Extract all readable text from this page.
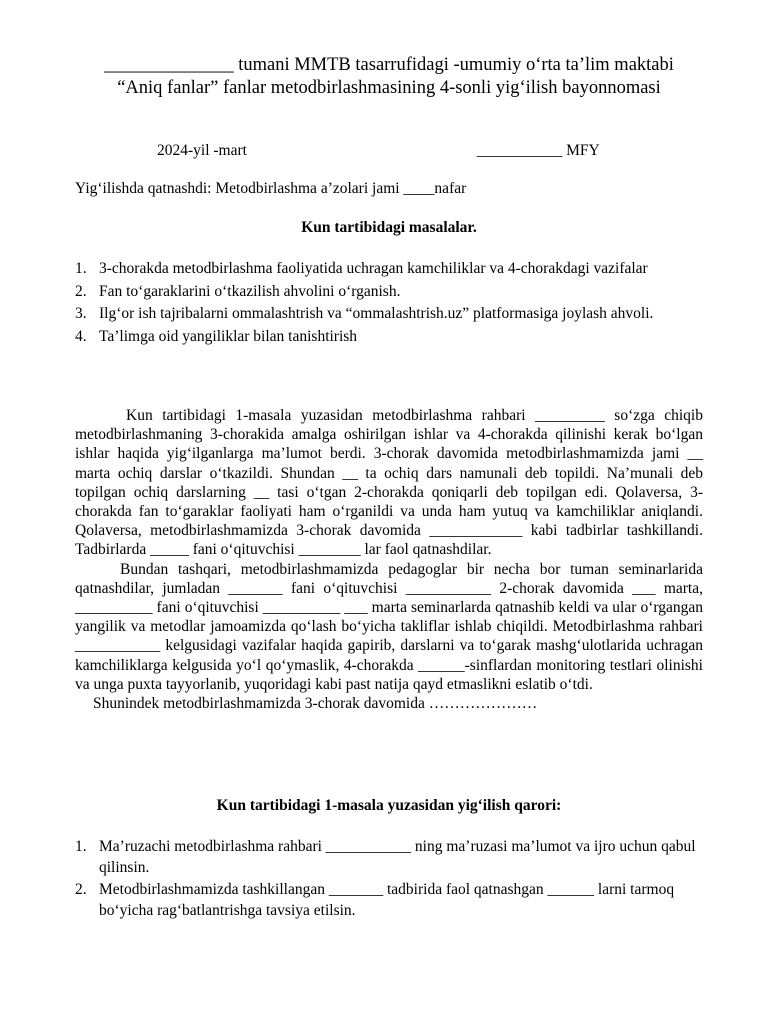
______________ tumani MMTB tasarrufidagi -umumiy o‘rta ta’lim maktabi “Aniq fanlar” fanlar metodbirlashmasining 4-sonli yig‘ilish bayonnomasi
2024-yil -mart	___________ MFY
Yig‘ilishda qatnashdi: Metodbirlashma a’zolari jami ____nafar
Kun tartibidagi masalalar.
1. 3-chorakda metodbirlashma faoliyatida uchragan kamchiliklar va 4-chorakdagi vazifalar
2. Fan to‘garaklarini o‘tkazilish ahvolini o‘rganish.
3. Ilg‘or ish tajribalarni ommalashtrish va “ommalashtrish.uz” platformasiga joylash ahvoli.
4. Ta’limga oid yangiliklar bilan tanishtirish

Kun tartibidagi 1-masala yuzasidan metodbirlashma rahbari _________ so‘zga chiqib metodbirlashmaning 3-chorakida amalga oshirilgan ishlar va 4-chorakda qilinishi kerak bo‘lgan ishlar haqida yig‘ilganlarga ma’lumot berdi. 3-chorak davomida metodbirlashmamizda jami __ marta ochiq darslar o‘tkazildi. Shundan __ ta ochiq dars namunali deb topildi. Na’munali deb topilgan ochiq darslarning __ tasi o‘tgan 2-chorakda qoniqarli deb topilgan edi. Qolaversa, 3-chorakda fan to‘garaklar faoliyati ham o‘rganildi va unda ham yutuq va kamchiliklar aniqlandi. Qolaversa, metodbirlashmamizda 3-chorak davomida ____________ kabi tadbirlar tashkillandi. Tadbirlarda _____ fani o‘qituvchisi ________ lar faol qatnashdilar.

Bundan tashqari, metodbirlashmamizda pedagoglar bir necha bor tuman seminarlarida qatnashdilar, jumladan _______ fani o‘qituvchisi ___________ 2-chorak davomida ___ marta, __________ fani o‘qituvchisi __________ ___ marta seminarlarda qatnashib keldi va ular o‘rgangan yangilik va metodlar jamoamizda qo‘lash bo‘yicha takliflar ishlab chiqildi. Metodbirlashma rahbari ___________ kelgusidagi vazifalar haqida gapirib, darslarni va to‘garak mashg‘ulotlarida uchragan kamchiliklarga kelgusida yo‘l qo‘ymaslik, 4-chorakda ______-sinflardan monitoring testlari olinishi va unga puxta tayyorlanib, yuqoridagi kabi past natija qayd etmaslikni eslatib o‘tdi.

Shunindek metodbirlashmamizda 3-chorak davomida …………………

Kun tartibidagi 1-masala yuzasidan yig‘ilish qarori:
1. Ma’ruzachi metodbirlashma rahbari ___________ ning ma’ruzasi ma’lumot va ijro uchun qabul qilinsin.
2. Metodbirlashmamizda tashkillangan _______ tadbirida faol qatnashgan ______ larni tarmoq bo‘yicha rag‘batlantrishga tavsiya etilsin.
